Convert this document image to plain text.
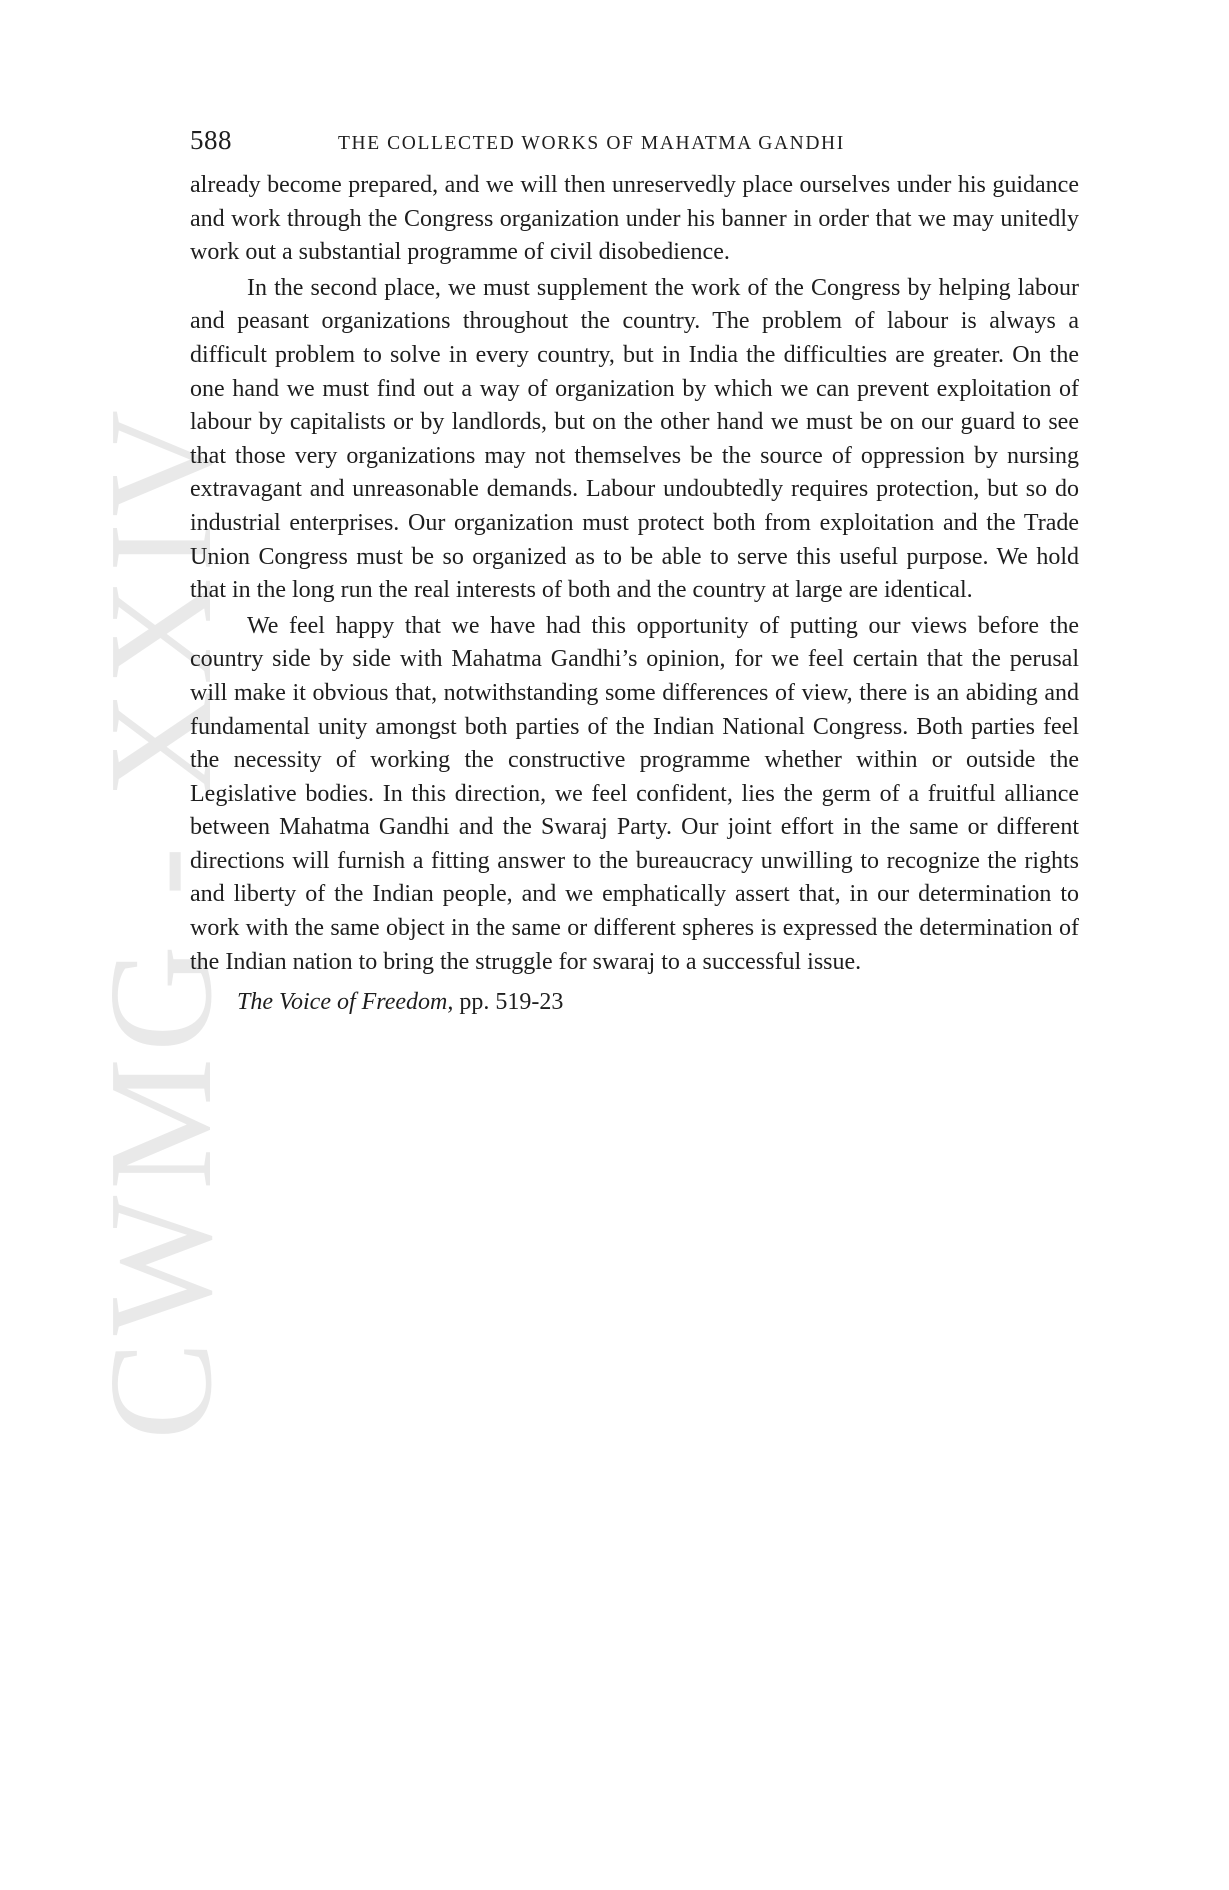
CWMG - XXIV
588	THE COLLECTED WORKS OF MAHATMA GANDHI

already become prepared, and we will then unreservedly place ourselves under his guidance and work through the Congress organization under his banner in order that we may unitedly work out a substantial programme of civil disobedience.

In the second place, we must supplement the work of the Congress by helping labour and peasant organizations throughout the country. The problem of labour is always a difficult problem to solve in every country, but in India the difficulties are greater. On the one hand we must find out a way of organization by which we can prevent exploitation of labour by capitalists or by landlords, but on the other hand we must be on our guard to see that those very organizations may not themselves be the source of oppression by nursing extravagant and unreasonable demands. Labour undoubtedly requires protection, but so do industrial enterprises. Our organization must protect both from exploitation and the Trade Union Congress must be so organized as to be able to serve this useful purpose. We hold that in the long run the real interests of both and the country at large are identical.

We feel happy that we have had this opportunity of putting our views before the country side by side with Mahatma Gandhi’s opinion, for we feel certain that the perusal will make it obvious that, notwithstanding some differences of view, there is an abiding and fundamental unity amongst both parties of the Indian National Congress. Both parties feel the necessity of working the constructive programme whether within or outside the Legislative bodies. In this direction, we feel confident, lies the germ of a fruitful alliance between Mahatma Gandhi and the Swaraj Party. Our joint effort in the same or different directions will furnish a fitting answer to the bureaucracy unwilling to recognize the rights and liberty of the Indian people, and we emphatically assert that, in our determination to work with the same object in the same or different spheres is expressed the determination of the Indian nation to bring the struggle for swaraj to a successful issue.

The Voice of Freedom, pp. 519-23
